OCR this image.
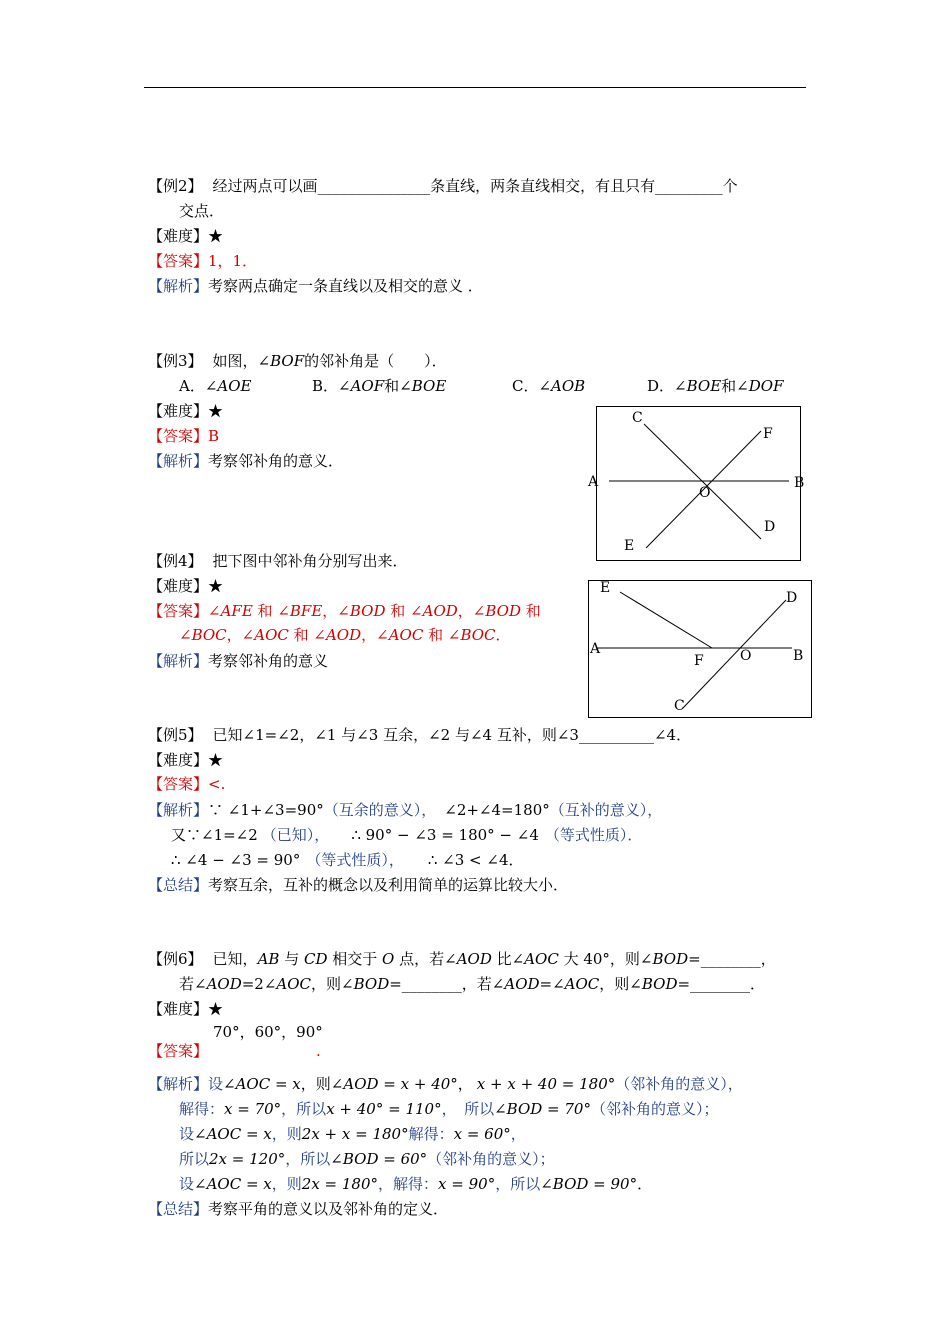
【例2】 经过两点可以画_______________条直线，两条直线相交，有且只有_________个
交点．
【难度】★
【答案】1，1．
【解析】考察两点确定一条直线以及相交的意义 ．
【例3】 如图，∠BOF的邻补角是（　　）．
A．∠AOE	B．∠AOF和∠BOE	C．∠AOB	D．∠BOE和∠DOF
【难度】★
【答案】B
【解析】考察邻补角的意义．
C
F
A	B
O
D
E
【例4】 把下图中邻补角分别写出来．
【难度】★
【答案】∠AFE 和 ∠BFE，∠BOD 和 ∠AOD，∠BOD 和
∠BOC，∠AOC 和 ∠AOD，∠AOC 和 ∠BOC．
【解析】考察邻补角的意义
E
D
A
F	O	B
C
【例5】 已知∠1=∠2，∠1 与∠3 互余，∠2 与∠4 互补，则∠3__________∠4．
【难度】★
【答案】<.
【解析】∵ ∠1+∠3=90°（互余的意义）， ∠2+∠4=180°（互补的意义），
又∵∠1=∠2 （已知）， ∴ 90° − ∠3 = 180° − ∠4 （等式性质）．
∴ ∠4 − ∠3 = 90° （等式性质）， ∴ ∠3 < ∠4．
【总结】考察互余，互补的概念以及利用简单的运算比较大小．
【例6】 已知，AB 与 CD 相交于 O 点，若∠AOD 比∠AOC 大 40°，则∠BOD=________，
若∠AOD=2∠AOC，则∠BOD=________，若∠AOD=∠AOC，则∠BOD=________．
【难度】★
70°，60°，90°
【答案】	.
【解析】设∠AOC = x，则∠AOD = x + 40°， x + x + 40 = 180°（邻补角的意义），
解得：x = 70°，所以x + 40° = 110°，　所以∠BOD = 70°（邻补角的意义）；
设∠AOC = x，则2x + x = 180°解得：x = 60°，
所以2x = 120°，所以∠BOD = 60°（邻补角的意义）；
设∠AOC = x，则2x = 180°，解得：x = 90°，所以∠BOD = 90°．
【总结】考察平角的意义以及邻补角的定义．
